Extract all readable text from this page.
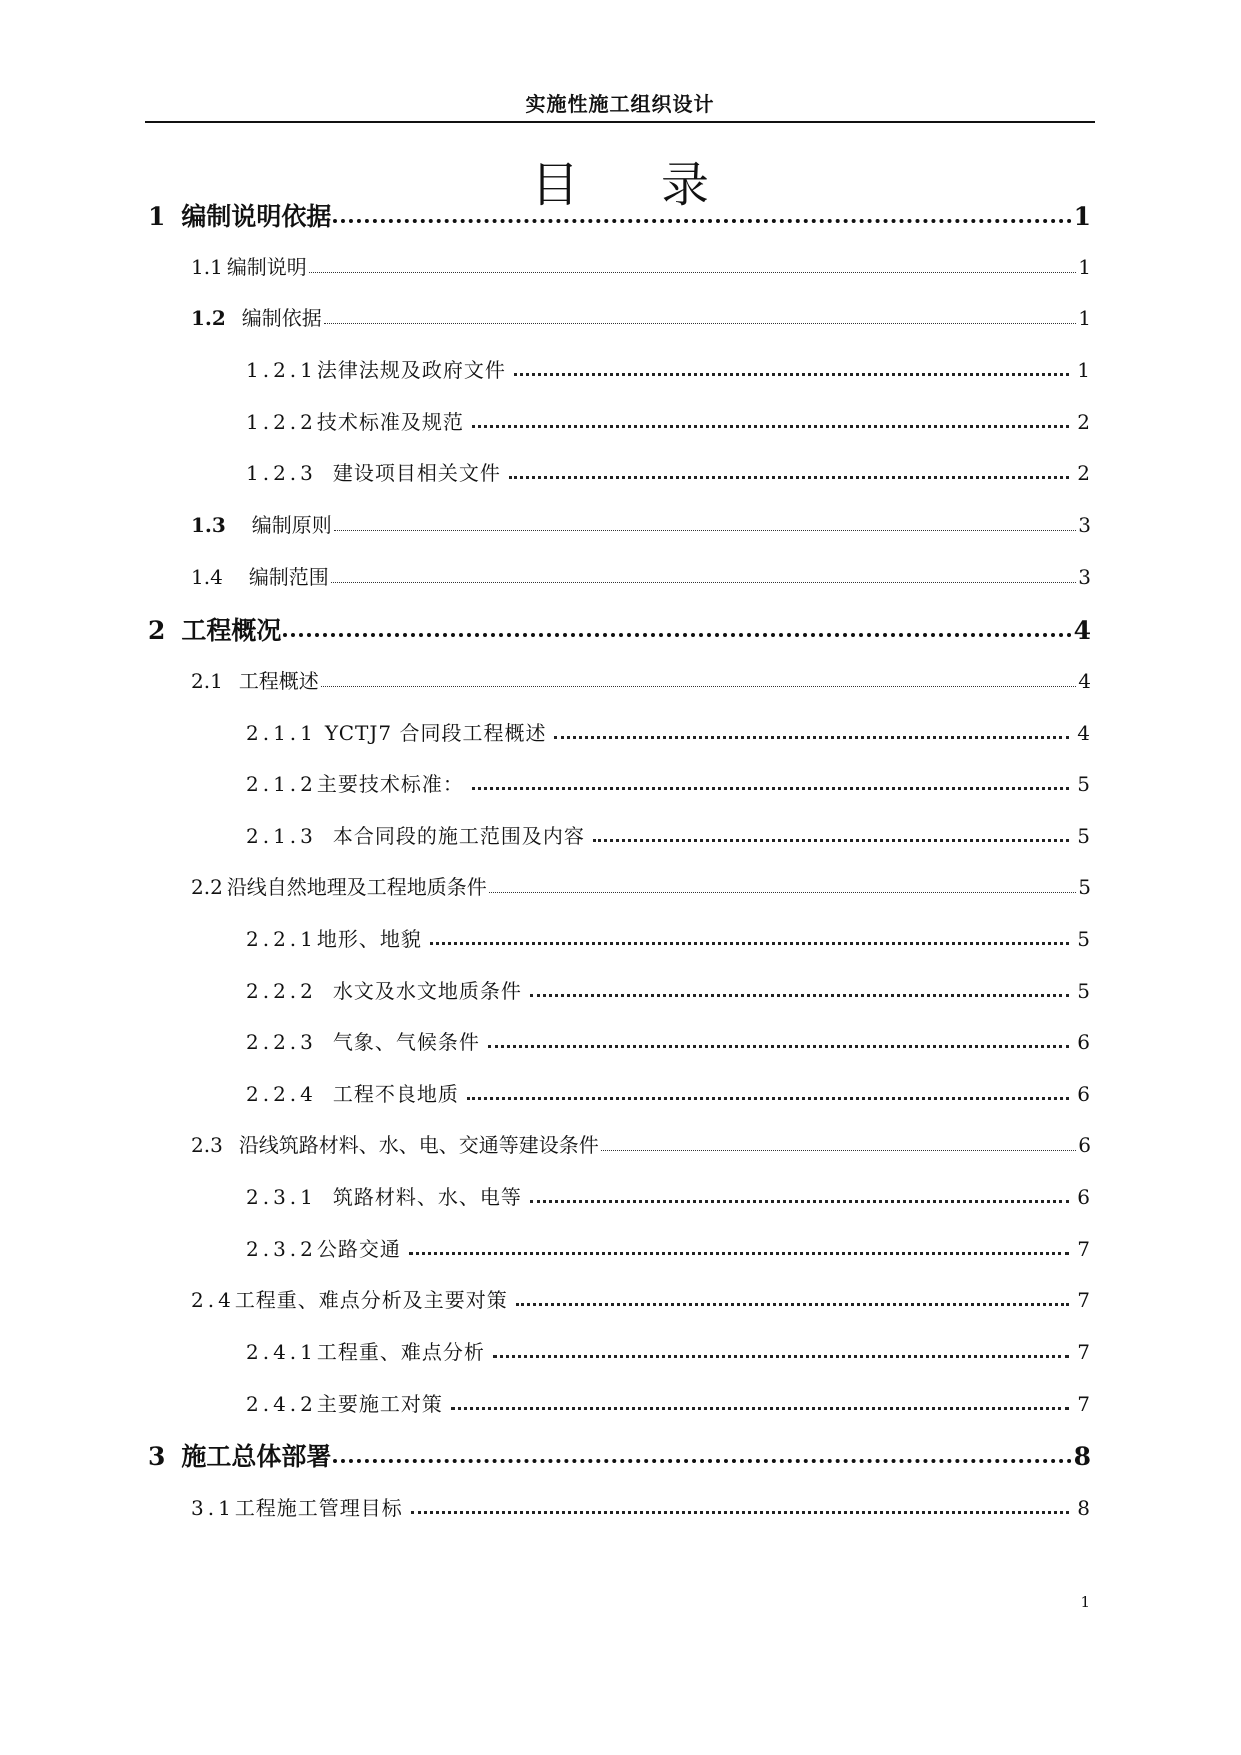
实施性施工组织设计
目 录
1 编制说明依据	1
1.1 编制说明	1
1.2 编制依据	1
1.2.1法律法规及政府文件	1
1.2.2技术标准及规范	2
1.2.3 建设项目相关文件	2
1.3 编制原则	3
1.4 编制范围	3
2 工程概况	4
2.1 工程概述	4
2.1.1 YCTJ7 合同段工程概述	4
2.1.2主要技术标准：	5
2.1.3 本合同段的施工范围及内容	5
2.2 沿线自然地理及工程地质条件	5
2.2.1地形、地貌	5
2.2.2 水文及水文地质条件	5
2.2.3 气象、气候条件	6
2.2.4 工程不良地质	6
2.3 沿线筑路材料、水、电、交通等建设条件	6
2.3.1 筑路材料、水、电等	6
2.3.2公路交通	7
2.4工程重、难点分析及主要对策	7
2.4.1工程重、难点分析	7
2.4.2主要施工对策	7
3 施工总体部署	8
3.1工程施工管理目标	8
1
